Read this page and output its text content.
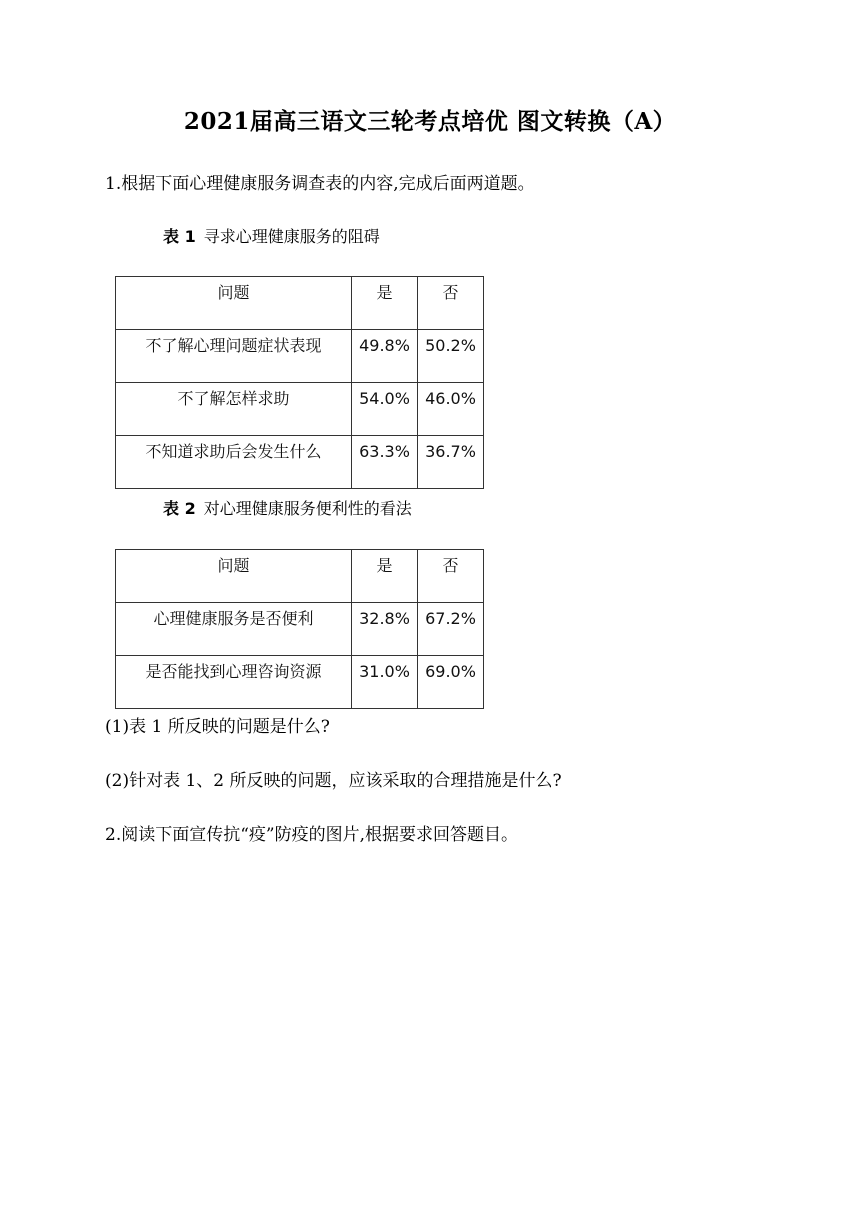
2021届高三语文三轮考点培优 图文转换（A）
1.根据下面心理健康服务调查表的内容,完成后面两道题。
表 1 寻求心理健康服务的阻碍
问题	是	否
不了解心理问题症状表现	49.8%	50.2%
不了解怎样求助	54.0%	46.0%
不知道求助后会发生什么	63.3%	36.7%
表 2 对心理健康服务便利性的看法
问题	是	否
心理健康服务是否便利	32.8%	67.2%
是否能找到心理咨询资源	31.0%	69.0%
(1)表 1 所反映的问题是什么?
(2)针对表 1、2 所反映的问题，应该采取的合理措施是什么?
2.阅读下面宣传抗“疫”防疫的图片,根据要求回答题目。
